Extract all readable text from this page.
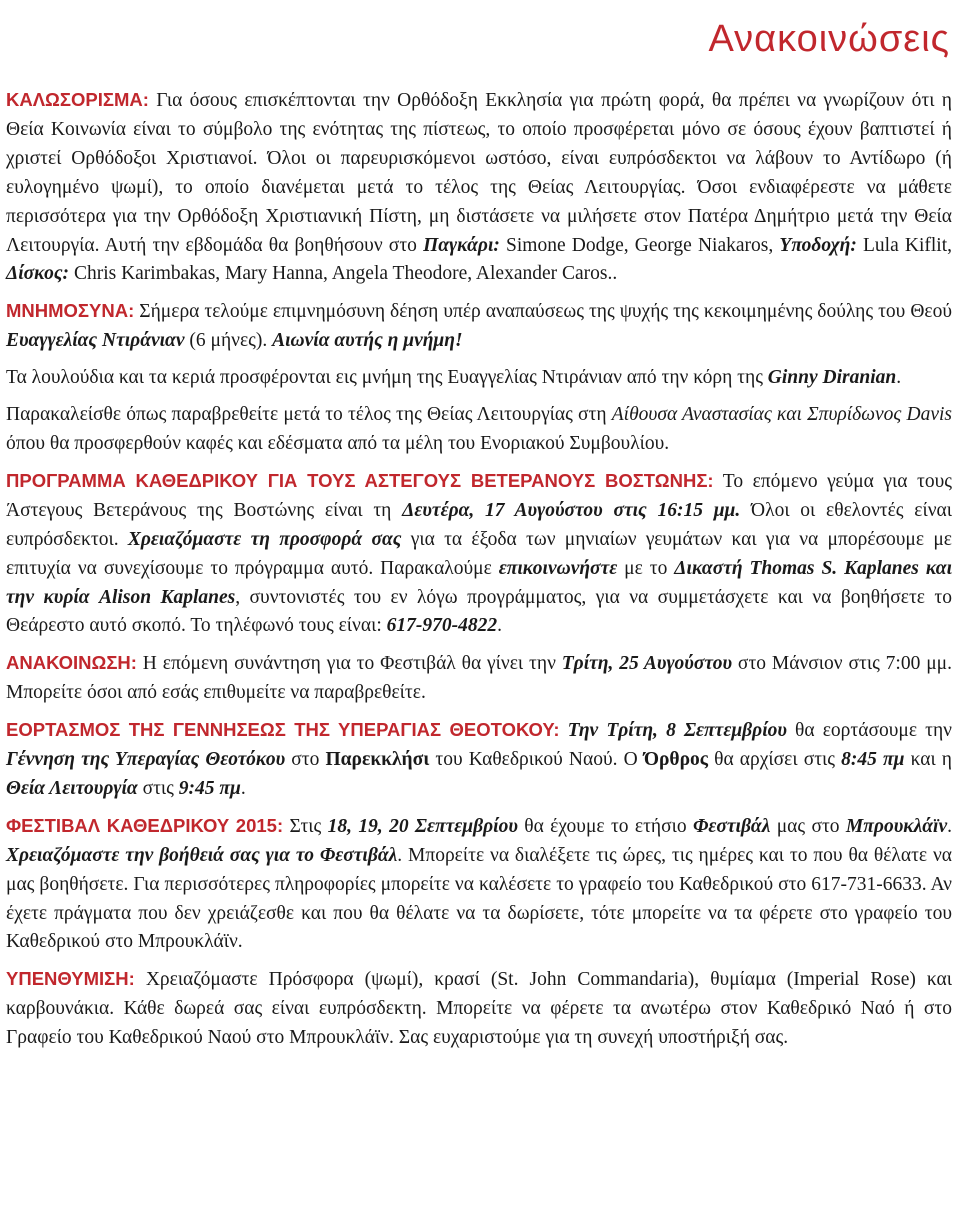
Ανακοινώσεις

ΚΑΛΩΣΟΡΙΣΜΑ: Για όσους επισκέπτονται την Ορθόδοξη Εκκλησία για πρώτη φορά, θα πρέπει να γνωρίζουν ότι η Θεία Κοινωνία είναι το σύμβολο της ενότητας της πίστεως, το οποίο προσφέρεται μόνο σε όσους έχουν βαπτιστεί ή χριστεί Ορθόδοξοι Χριστιανοί. Όλοι οι παρευρισκόμενοι ωστόσο, είναι ευπρόσδεκτοι να λάβουν το Αντίδωρο (ή ευλογημένο ψωμί), το οποίο διανέμεται μετά το τέλος της Θείας Λειτουργίας. Όσοι ενδιαφέρεστε να μάθετε περισσότερα για την Ορθόδοξη Χριστιανική Πίστη, μη διστάσετε να μιλήσετε στον Πατέρα Δημήτριο μετά την Θεία Λειτουργία. Αυτή την εβδομάδα θα βοηθήσουν στο Παγκάρι: Simone Dodge, George Niakaros, Υποδοχή: Lula Kiflit, Δίσκος: Chris Karimbakas, Mary Hanna, Angela Theodore, Alexander Caros..

ΜΝΗΜΟΣΥΝΑ: Σήμερα τελούμε επιμνημόσυνη δέηση υπέρ αναπαύσεως της ψυχής της κεκοιμημένης δούλης του Θεού Ευαγγελίας Ντιράνιαν (6 μήνες). Αιωνία αυτής η μνήμη!

Τα λουλούδια και τα κεριά προσφέρονται εις μνήμη της Ευαγγελίας Ντιράνιαν από την κόρη της Ginny Diranian.

Παρακαλείσθε όπως παραβρεθείτε μετά το τέλος της Θείας Λειτουργίας στη Αίθουσα Αναστασίας και Σπυρίδωνος Davis όπου θα προσφερθούν καφές και εδέσματα από τα μέλη του Ενοριακού Συμβουλίου.

ΠΡΟΓΡΑΜΜΑ ΚΑΘΕΔΡΙΚΟΥ ΓΙΑ ΤΟΥΣ ΑΣΤΕΓΟΥΣ ΒΕΤΕΡΑΝΟΥΣ ΒΟΣΤΩΝΗΣ: Το επόμενο γεύμα για τους Άστεγους Βετεράνους της Βοστώνης είναι τη Δευτέρα, 17 Αυγούστου στις 16:15 μμ. Όλοι οι εθελοντές είναι ευπρόσδεκτοι. Χρειαζόμαστε τη προσφορά σας για τα έξοδα των μηνιαίων γευμάτων και για να μπορέσουμε με επιτυχία να συνεχίσουμε το πρόγραμμα αυτό. Παρακαλούμε επικοινωνήστε με το Δικαστή Thomas S. Kaplanes και την κυρία Alison Kaplanes, συντονιστές του εν λόγω προγράμματος, για να συμμετάσχετε και να βοηθήσετε το Θεάρεστο αυτό σκοπό. Το τηλέφωνό τους είναι: 617-970-4822.

ΑΝΑΚΟΙΝΩΣΗ: Η επόμενη συνάντηση για το Φεστιβάλ θα γίνει την Τρίτη, 25 Αυγούστου στο Μάνσιον στις 7:00 μμ. Μπορείτε όσοι από εσάς επιθυμείτε να παραβρεθείτε.

ΕΟΡΤΑΣΜΟΣ ΤΗΣ ΓΕΝΝΗΣΕΩΣ ΤΗΣ ΥΠΕΡΑΓΙΑΣ ΘΕΟΤΟΚΟΥ: Την Τρίτη, 8 Σεπτεμβρίου θα εορτάσουμε την Γέννηση της Υπεραγίας Θεοτόκου στο Παρεκκλήσι του Καθεδρικού Ναού. Ο Όρθρος θα αρχίσει στις 8:45 πμ και η Θεία Λειτουργία στις 9:45 πμ.

ΦΕΣΤΙΒΑΛ ΚΑΘΕΔΡΙΚΟΥ 2015: Στις 18, 19, 20 Σεπτεμβρίου θα έχουμε το ετήσιο Φεστιβάλ μας στο Μπρουκλάϊν. Χρειαζόμαστε την βοήθειά σας για το Φεστιβάλ. Μπορείτε να διαλέξετε τις ώρες, τις ημέρες και το που θα θέλατε να μας βοηθήσετε. Για περισσότερες πληροφορίες μπορείτε να καλέσετε το γραφείο του Καθεδρικού στο 617-731-6633. Αν έχετε πράγματα που δεν χρειάζεσθε και που θα θέλατε να τα δωρίσετε, τότε μπορείτε να τα φέρετε στο γραφείο του Καθεδρικού στο Μπρουκλάϊν.

ΥΠΕΝΘΥΜΙΣΗ: Χρειαζόμαστε Πρόσφορα (ψωμί), κρασί (St. John Commandaria), θυμίαμα (Imperial Rose) και καρβουνάκια. Κάθε δωρεά σας είναι ευπρόσδεκτη. Μπορείτε να φέρετε τα ανωτέρω στον Καθεδρικό Ναό ή στο Γραφείο του Καθεδρικού Ναού στο Μπρουκλάϊν. Σας ευχαριστούμε για τη συνεχή υποστήριξή σας.
